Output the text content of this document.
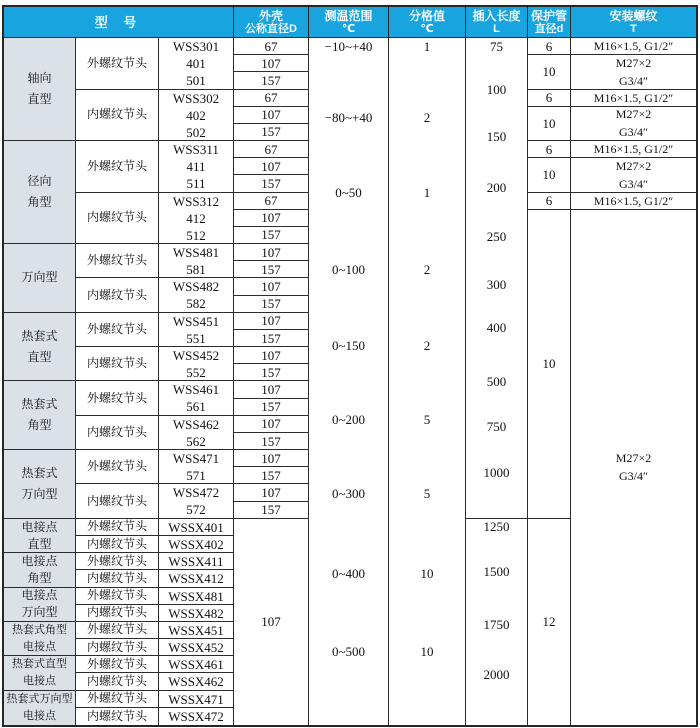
型 号	外壳
公称直径D
测温范围
℃
分格值
℃
插入长度
L
保护管
直径d
安装螺纹
T
轴向
直型
径向
角型
万向型
热套式
直型
热套式
角型
热套式
万向型
电接点
直型
电接点
角型
电接点
万向型
热套式角型
电接点
热套式直型
电接点
热套式万向型
电接点
外螺纹节头
内螺纹节头
外螺纹节头
内螺纹节头
外螺纹节头
内螺纹节头
外螺纹节头
内螺纹节头
外螺纹节头
内螺纹节头
外螺纹节头
内螺纹节头
外螺纹节头
内螺纹节头
外螺纹节头
内螺纹节头
外螺纹节头
内螺纹节头
外螺纹节头
内螺纹节头
外螺纹节头
内螺纹节头
外螺纹节头
内螺纹节头
WSS301
401
501
WSS302
402
502
WSS311
411
511
WSS312
412
512
WSS481
581
WSS482
582
WSS451
551
WSS452
552
WSS461
561
WSS462
562
WSS471
571
WSS472
572
WSSX401
WSSX402
WSSX411
WSSX412
WSSX481
WSSX482
WSSX451
WSSX452
WSSX461
WSSX462
WSSX471
WSSX472
67
107
157
67
107
157
67
107
157
67
107
157
107
157
107
157
107
157
107
157
107
157
107
157
107
157
107
157
107
−10~+40
−80~+40
0~50
0~100
0~150
0~200
0~300
0~400
0~500
1
2
1
2
2
5
5
10
10
75
100
150
200
250
300
400
500
750
1000
1250
1500
1750
2000
6
10
6
10
6
10
6
10
12
M16×1.5, G1/2″
M27×2
G3/4″
M16×1.5, G1/2″
M27×2
G3/4″
M16×1.5, G1/2″
M27×2
G3/4″
M16×1.5, G1/2″
M27×2
G3/4″
